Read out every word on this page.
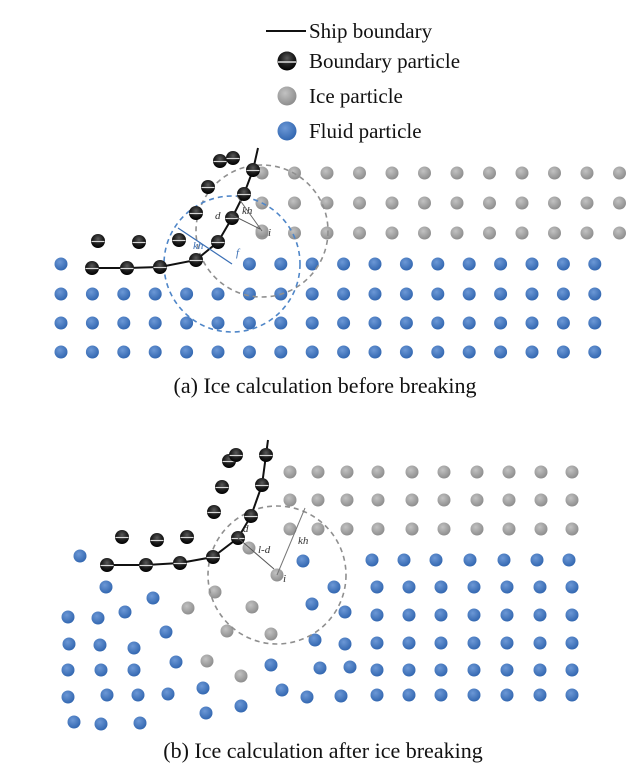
Ship boundary
Boundary particle
Ice particle
Fluid particle
kh
d
i
kh
f
(a) Ice calculation before breaking
kh
d
l-d
i
(b) Ice calculation after ice breaking
